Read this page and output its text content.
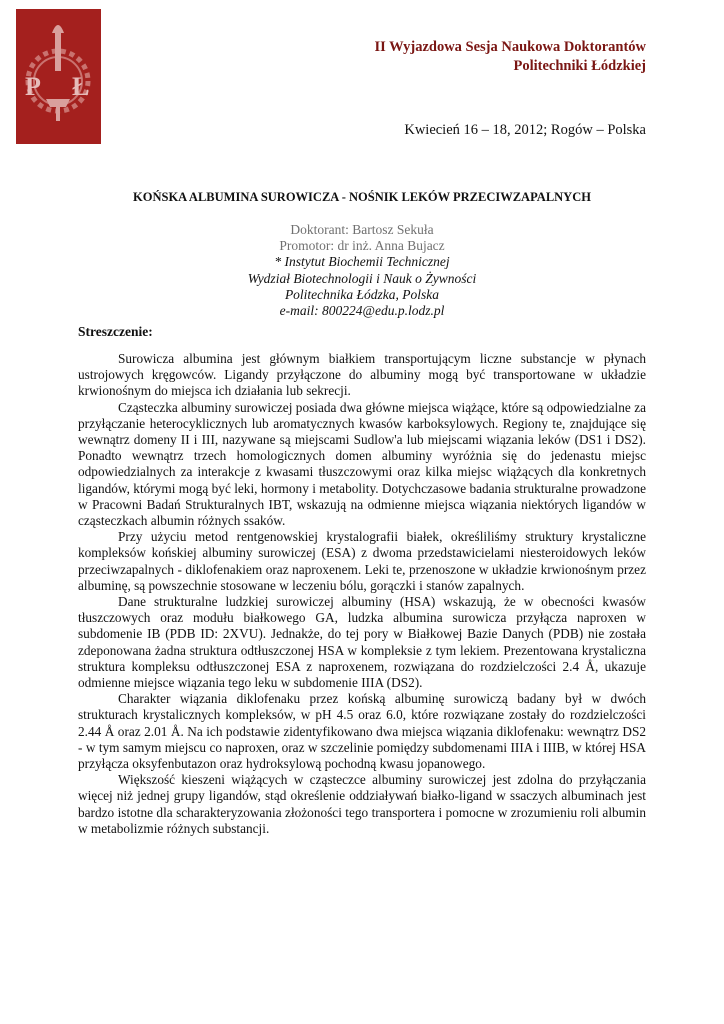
P Ł
II Wyjazdowa Sesja Naukowa Doktorantów
Politechniki Łódzkiej
Kwiecień 16 – 18, 2012; Rogów – Polska
KOŃSKA ALBUMINA SUROWICZA - NOŚNIK LEKÓW PRZECIWZAPALNYCH
Doktorant: Bartosz Sekuła
Promotor: dr inż. Anna Bujacz
* Instytut Biochemii Technicznej
Wydział Biotechnologii i Nauk o Żywności
Politechnika Łódzka, Polska
e-mail: 800224@edu.p.lodz.pl
Streszczenie:

Surowicza albumina jest głównym białkiem transportującym liczne substancje w płynach ustrojowych kręgowców. Ligandy przyłączone do albuminy mogą być transportowane w układzie krwionośnym do miejsca ich działania lub sekrecji.

Cząsteczka albuminy surowiczej posiada dwa główne miejsca wiążące, które są odpowiedzialne za przyłączanie heterocyklicznych lub aromatycznych kwasów karboksylowych. Regiony te, znajdujące się wewnątrz domeny II i III, nazywane są miejscami Sudlow'a lub miejscami wiązania leków (DS1 i DS2). Ponadto wewnątrz trzech homologicznych domen albuminy wyróżnia się do jedenastu miejsc odpowiedzialnych za interakcje z kwasami tłuszczowymi oraz kilka miejsc wiążących dla konkretnych ligandów, którymi mogą być leki, hormony i metabolity. Dotychczasowe badania strukturalne prowadzone w Pracowni Badań Strukturalnych IBT, wskazują na odmienne miejsca wiązania niektórych ligandów w cząsteczkach albumin różnych ssaków.

Przy użyciu metod rentgenowskiej krystalografii białek, określiliśmy struktury krystaliczne kompleksów końskiej albuminy surowiczej (ESA) z dwoma przedstawicielami niesteroidowych leków przeciwzapalnych - diklofenakiem oraz naproxenem. Leki te, przenoszone w układzie krwionośnym przez albuminę, są powszechnie stosowane w leczeniu bólu, gorączki i stanów zapalnych.

Dane strukturalne ludzkiej surowiczej albuminy (HSA) wskazują, że w obecności kwasów tłuszczowych oraz modułu białkowego GA, ludzka albumina surowicza przyłącza naproxen w subdomenie IB (PDB ID: 2XVU). Jednakże, do tej pory w Białkowej Bazie Danych (PDB) nie została zdeponowana żadna struktura odtłuszczonej HSA w kompleksie z tym lekiem. Prezentowana krystaliczna struktura kompleksu odtłuszczonej ESA z naproxenem, rozwiązana do rozdzielczości 2.4 Å, ukazuje odmienne miejsce wiązania tego leku w subdomenie IIIA (DS2).

Charakter wiązania diklofenaku przez końską albuminę surowiczą badany był w dwóch strukturach krystalicznych kompleksów, w pH 4.5 oraz 6.0, które rozwiązane zostały do rozdzielczości 2.44 Å oraz 2.01 Å. Na ich podstawie zidentyfikowano dwa miejsca wiązania diklofenaku: wewnątrz DS2 - w tym samym miejscu co naproxen, oraz w szczelinie pomiędzy subdomenami IIIA i IIIB, w której HSA przyłącza oksyfenbutazon oraz hydroksylową pochodną kwasu jopanowego.

Większość kieszeni wiążących w cząsteczce albuminy surowiczej jest zdolna do przyłączania więcej niż jednej grupy ligandów, stąd określenie oddziaływań białko-ligand w ssaczych albuminach jest bardzo istotne dla scharakteryzowania złożoności tego transportera i pomocne w zrozumieniu roli albumin w metabolizmie różnych substancji.
